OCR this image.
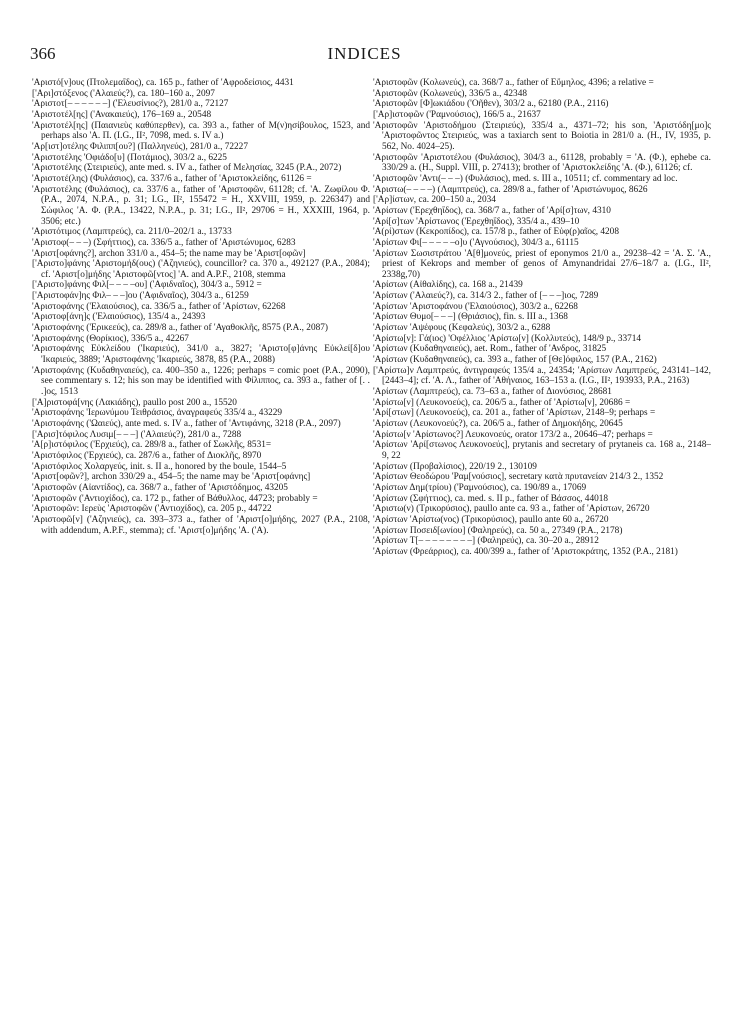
366	INDICES

'Αριστό[ν]ους (Πτολεμαΐδος), ca. 165 p., father of 'Αφροδείσιος, 4431

['Αρι]στόξενος ('Αλαιεύς?), ca. 180–160 a., 2097

'Αριστοτ[– – – – – –] ('Ελευσίνιος?), 281/0 a., 72127

'Αριστοτέλ[ης] ('Ανακαιεύς), 176–169 a., 20548

'Αριστοτέλ[ης] (Παιανιεὺς καθύπερθεν), ca. 393 a., father of Μ(ν)ησίβουλος, 1523, and perhaps also 'Α. Π. (I.G., II², 7098, med. s. IV a.)

'Αρ[ιστ]οτέλης Φιλιππ[ου?] (Παλληνεύς), 281/0 a., 72227

'Αριστοτέλης 'Οφιάδο[υ] (Ποτάμιος), 303/2 a., 6225

'Αριστοτέλης (Στειριεύς), ante med. s. IV a., father of Μελησίας, 3245 (P.A., 2072)

'Αριστοτέ(λης) (Φυλάσιος), ca. 337/6 a., father of 'Αριστοκλείδης, 61126 =

'Αριστοτέλης (Φυλάσιος), ca. 337/6 a., father of 'Αριστοφῶν, 61128; cf. 'Α. Ζωφίλου Φ. (P.A., 2074, N.P.A., p. 31; I.G., II², 155472 = H., XXVIII, 1959, p. 226347) and Σώφιλος 'Α. Φ. (P.A., 13422, N.P.A., p. 31; I.G., II², 29706 = H., XXXIII, 1964, p. 3506; etc.)

'Αριστότιμος (Λαμπτρεύς), ca. 211/0–202/1 a., 13733

'Αριστοφ(– – –) (Σφήττιος), ca. 336/5 a., father of 'Αριστώνυμος, 6283

'Αριστ[οφάνης?], archon 331/0 a., 454–5; the name may be 'Αριστ[οφῶν]

['Αριστο]φάνης 'Αριστομήδ(ους) ('Αζηνιεύς), councillor? ca. 370 a., 492127 (P.A., 2084); cf. 'Αριστ[ο]μήδης 'Αριστοφῶ[ντος] 'Α. and A.P.F., 2108, stemma

['Αριστο]φάνης Φιλ[– – – –ου] ('Αφιδναῖος), 304/3 a., 5912 =

['Αριστοφάν]ης Φιλ– – –]ου ('Αφιδναῖος), 304/3 a., 61259

'Αριστοφάνης ('Ελαιούσιος), ca. 336/5 a., father of 'Αρίστων, 62268

'Αριστοφ[άνη]ς ('Ελαιούσιος), 135/4 a., 24393

'Αριστοφάνης ('Ερικεεύς), ca. 289/8 a., father of 'Αγαθοκλῆς, 8575 (P.A., 2087)

'Αριστοφάνης (Θορίκιος), 336/5 a., 42267

'Αριστοφάνης Εὐκλείδου ('Ικαριεύς), 341/0 a., 3827; 'Αριστο[φ]άνης Εὐκλεί[δ]ου 'Ικαριεύς, 3889; 'Αριστοφάνης 'Ικαριεύς, 3878, 85 (P.A., 2088)

'Αριστοφάνης (Κυδαθηναιεύς), ca. 400–350 a., 1226; perhaps = comic poet (P.A., 2090), see commentary s. 12; his son may be identified with Φίλιππος, ca. 393 a., father of [. . .]ος, 1513

['Α]ριστοφά[νης (Λακιάδης), paullo post 200 a., 15520

'Αριστοφάνης 'Ιερωνύμου Τειθράσιος, ἀναγραφεύς 335/4 a., 43229

'Αριστοφάνης ('Ωαιεύς), ante med. s. IV a., father of 'Αντιφάνης, 3218 (P.A., 2097)

['Αρισ]τόφιλος Λυσιμ[– – –] ('Αλαιεύς?), 281/0 a., 7288

'Α[ρ]ιστόφιλος ('Ερχιεύς), ca. 289/8 a., father of Σωκλῆς, 8531=

'Αριστόφιλος ('Ερχιεύς), ca. 287/6 a., father of Διοκλῆς, 8970

'Αριστόφιλος Χολαργεύς, init. s. II a., honored by the boule, 1544–5

'Αριστ[οφῶν?], archon 330/29 a., 454–5; the name may be 'Αριστ[οφάνης]

'Αριστοφῶν (Αἰαντίδος), ca. 368/7 a., father of 'Αριστόδημος, 43205

'Αριστοφῶν ('Αντιοχίδος), ca. 172 p., father of Βάθυλλος, 44723; probably =

'Αριστοφῶν: Ιερεὺς 'Αριστοφῶν ('Αντιοχίδος), ca. 205 p., 44722

'Αριστοφῶ[ν] ('Αζηνιεύς), ca. 393–373 a., father of 'Αριστ[ο]μήδης, 2027 (P.A., 2108, with addendum, A.P.F., stemma); cf. 'Αριστ[ο]μήδης 'Α. ('Α).

'Αριστοφῶν (Κολωνεύς), ca. 368/7 a., father of Εὔμηλος, 4396; a relative =

'Αριστοφῶν (Κολωνεύς), 336/5 a., 42348

'Αριστοφῶν [Φ]ωκιάδου ('Οῆθεν), 303/2 a., 62180 (P.A., 2116)

['Αρ]ιστοφῶν ('Ραμνούσιος), 166/5 a., 21637

'Αριστοφῶν 'Αριστοδήμου (Στειριεύς), 335/4 a., 4371–72; his son, 'Αριστόδη[μο]ς 'Αριστοφῶντος Στειριεύς, was a taxiarch sent to Boiotia in 281/0 a. (H., IV, 1935, p. 562, No. 4024–25).

'Αριστοφῶν 'Αριστοτέλου (Φυλάσιος), 304/3 a., 61128, probably = 'Α. (Φ.), ephebe ca. 330/29 a. (H., Suppl. VIII, p. 27413); brother of 'Αριστοκλείδης 'Α. (Φ.), 61126; cf.

'Αριστοφῶν 'Αντι(– – –) (Φυλάσιος), med. s. III a., 10511; cf. commentary ad loc.

'Αριστω(– – – –) (Λαμπτρεύς), ca. 289/8 a., father of 'Αριστώνυμος, 8626

['Αρ]ίστων, ca. 200–150 a., 2034

'Αρίστων ('Ερεχθηΐδος), ca. 368/7 a., father of 'Αρί[σ]των, 4310

'Αρί[σ]των 'Αρίστωνος ('Ερεχθηΐδος), 335/4 a., 439–10

'Α(ρί)στων (Κεκροπίδος), ca. 157/8 p., father of Εὐφ(ρ)αῖος, 4208

'Αρίστων Φι[– – – – –ο]υ ('Αγνούσιος), 304/3 a., 61115

'Αρίστων Σωσιστράτου 'Α[θ]μονεύς, priest of eponymos 21/0 a., 29238–42 = 'Α. Σ. 'Α., priest of Kekrops and member of genos of Amynandridai 27/6–18/7 a. (I.G., II², 2338g,70)

'Αρίστων (Αἰθαλίδης), ca. 168 a., 21439

'Αρίστων ('Αλαιεύς?), ca. 314/3 2., father of [– – –]ιος, 7289

'Αρίστων 'Αριστοφάνου ('Ελαιούσιος), 303/2 a., 62268

'Αρίστων Θυμο[– – –] (Θριάσιος), fin. s. III a., 1368

'Αρίστων 'Αψέφους (Κεφαλεύς), 303/2 a., 6288

'Αρίστω[ν]: Γά(ιος) 'Οφέλλιος 'Αρίστω[ν] (Κολλυτεύς), 148/9 p., 33714

'Αρίστων (Κυδαθηναιεύς), aet. Rom., father of 'Ανδρος, 31825

'Αρίστων (Κυδαθηναιεύς), ca. 393 a., father of [Θε]όφιλος, 157 (P.A., 2162)

['Αρίστω]ν Λαμπτρεύς, ἀντιγραφεύς 135/4 a., 24354; 'Αρίστων Λαμπτρεύς, 243141–142, [2443–4]; cf. 'Α. Λ., father of 'Αθήναιος, 163–153 a. (I.G., II², 193933, P.A., 2163)

'Αρίστων (Λαμπτρεύς), ca. 73–63 a., father of Διονύσιος, 28681

'Αρίστω[ν] (Λευκονοεύς), ca. 206/5 a., father of 'Αρίστω[ν], 20686 =

'Αρί[στων] (Λευκονοεύς), ca. 201 a., father of 'Αρίστων, 2148–9; perhaps =

'Αρίστων (Λευκονοεύς?), ca. 206/5 a., father of Δημοκήδης, 20645

'Αρίστω[ν 'Αρίστωνος?] Λευκονοεύς, orator 173/2 a., 20646–47; perhaps =

'Αρίστων 'Αρί[στωνος Λευκονοεύς], prytanis and secretary of prytaneis ca. 168 a., 2148–9, 22

'Αρίστων (Προβαλίσιος), 220/19 2., 130109

'Αρίστων Θεοδώρου 'Ραμ[νούσιος], secretary κατὰ πρυτανείαν 214/3 2., 1352

'Αρίστων Δημ(τρίου) ('Ραμνούσιος), ca. 190/89 a., 17069

'Αρίστων (Σφήττιος), ca. med. s. II p., father of Βάσσος, 44018

'Αριστω(ν) (Τρικορύσιος), paullo ante ca. 93 a., father of 'Αρίστων, 26720

'Αρίστων 'Αρίστω(νος) (Τρικορύσιος), paullo ante 60 a., 26720

'Αρίστων Ποσειδ[ωνίου] (Φαληρεύς), ca. 50 a., 27349 (P.A., 2178)

'Αρίστων Τ[– – – – – – – –] (Φαληρεύς), ca. 30–20 a., 28912

'Αρίστων (Φρεάρριος), ca. 400/399 a., father of 'Αριστοκράτης, 1352 (P.A., 2181)
